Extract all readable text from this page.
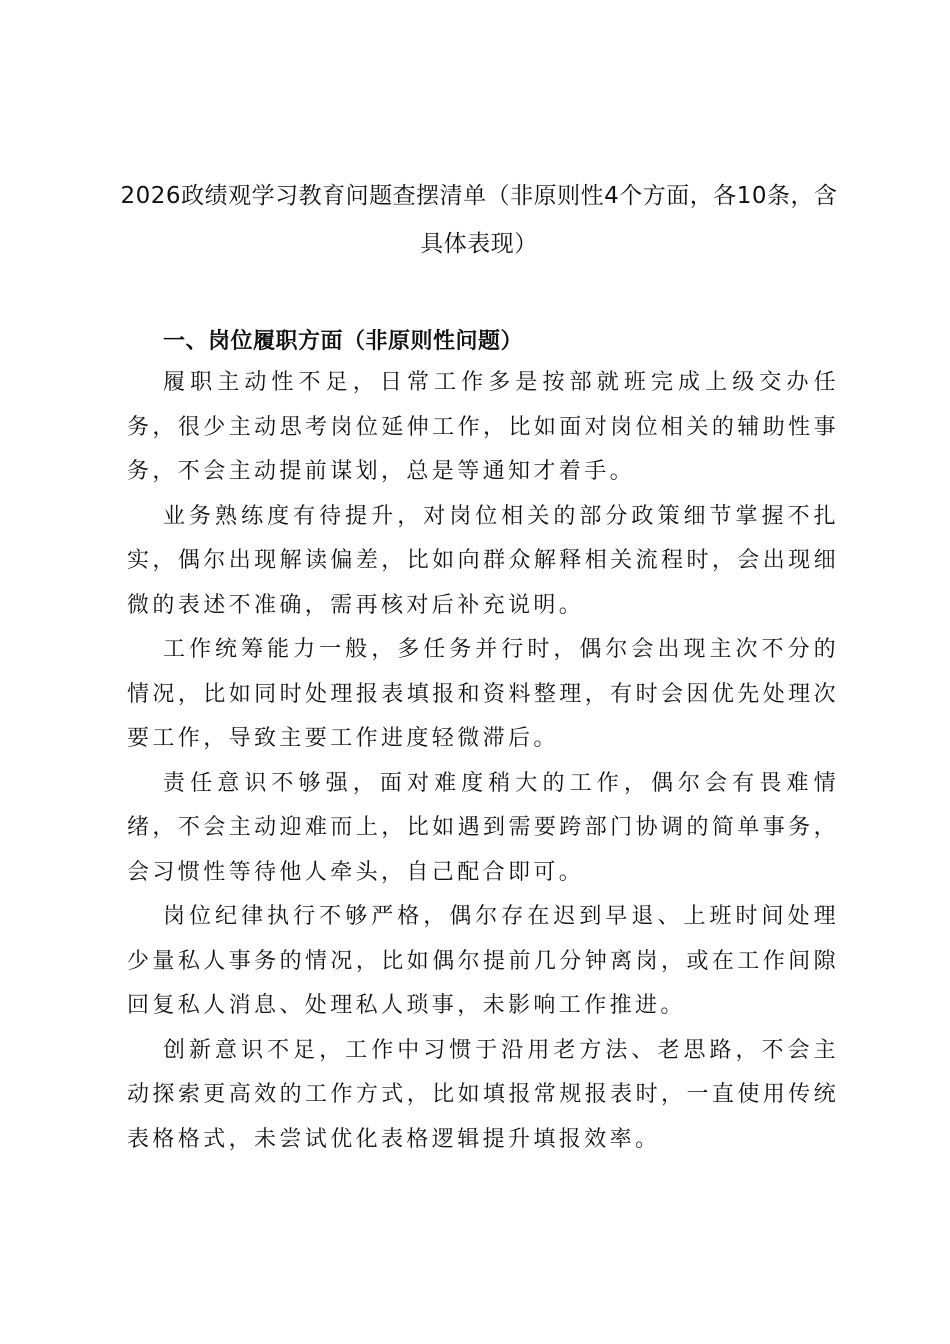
2026政绩观学习教育问题查摆清单（非原则性4个方面，各10条，含具体表现）
一、岗位履职方面（非原则性问题）

履职主动性不足，日常工作多是按部就班完成上级交办任务，很少主动思考岗位延伸工作，比如面对岗位相关的辅助性事务，不会主动提前谋划，总是等通知才着手。

业务熟练度有待提升，对岗位相关的部分政策细节掌握不扎实，偶尔出现解读偏差，比如向群众解释相关流程时，会出现细微的表述不准确，需再核对后补充说明。

工作统筹能力一般，多任务并行时，偶尔会出现主次不分的情况，比如同时处理报表填报和资料整理，有时会因优先处理次要工作，导致主要工作进度轻微滞后。

责任意识不够强，面对难度稍大的工作，偶尔会有畏难情绪，不会主动迎难而上，比如遇到需要跨部门协调的简单事务，会习惯性等待他人牵头，自己配合即可。

岗位纪律执行不够严格，偶尔存在迟到早退、上班时间处理少量私人事务的情况，比如偶尔提前几分钟离岗，或在工作间隙回复私人消息、处理私人琐事，未影响工作推进。

创新意识不足，工作中习惯于沿用老方法、老思路，不会主动探索更高效的工作方式，比如填报常规报表时，一直使用传统表格格式，未尝试优化表格逻辑提升填报效率。
